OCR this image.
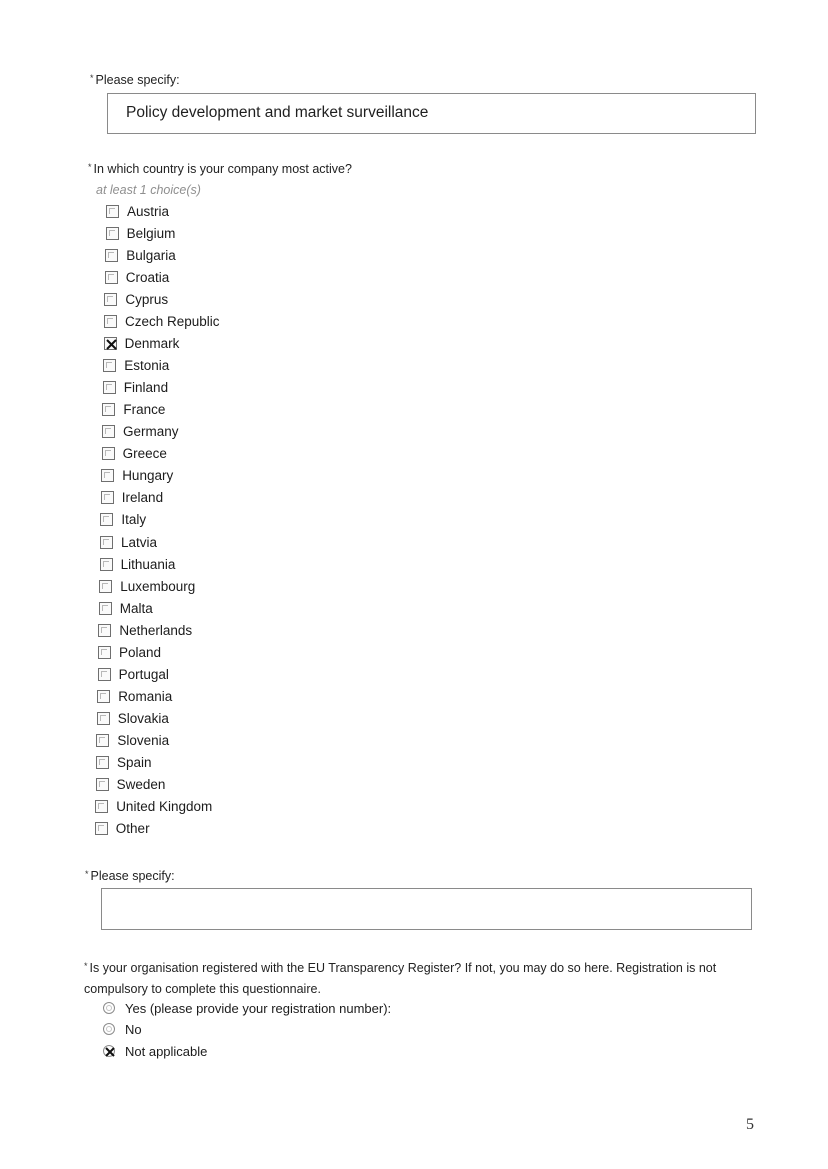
* Please specify:
Policy development and market surveillance
* In which country is your company most active?
at least 1 choice(s)
Austria
Belgium
Bulgaria
Croatia
Cyprus
Czech Republic
Denmark
Estonia
Finland
France
Germany
Greece
Hungary
Ireland
Italy
Latvia
Lithuania
Luxembourg
Malta
Netherlands
Poland
Portugal
Romania
Slovakia
Slovenia
Spain
Sweden
United Kingdom
Other
* Please specify:
* Is your organisation registered with the EU Transparency Register? If not, you may do so here. Registration is not compulsory to complete this questionnaire.
Yes (please provide your registration number):
No
Not applicable
5
